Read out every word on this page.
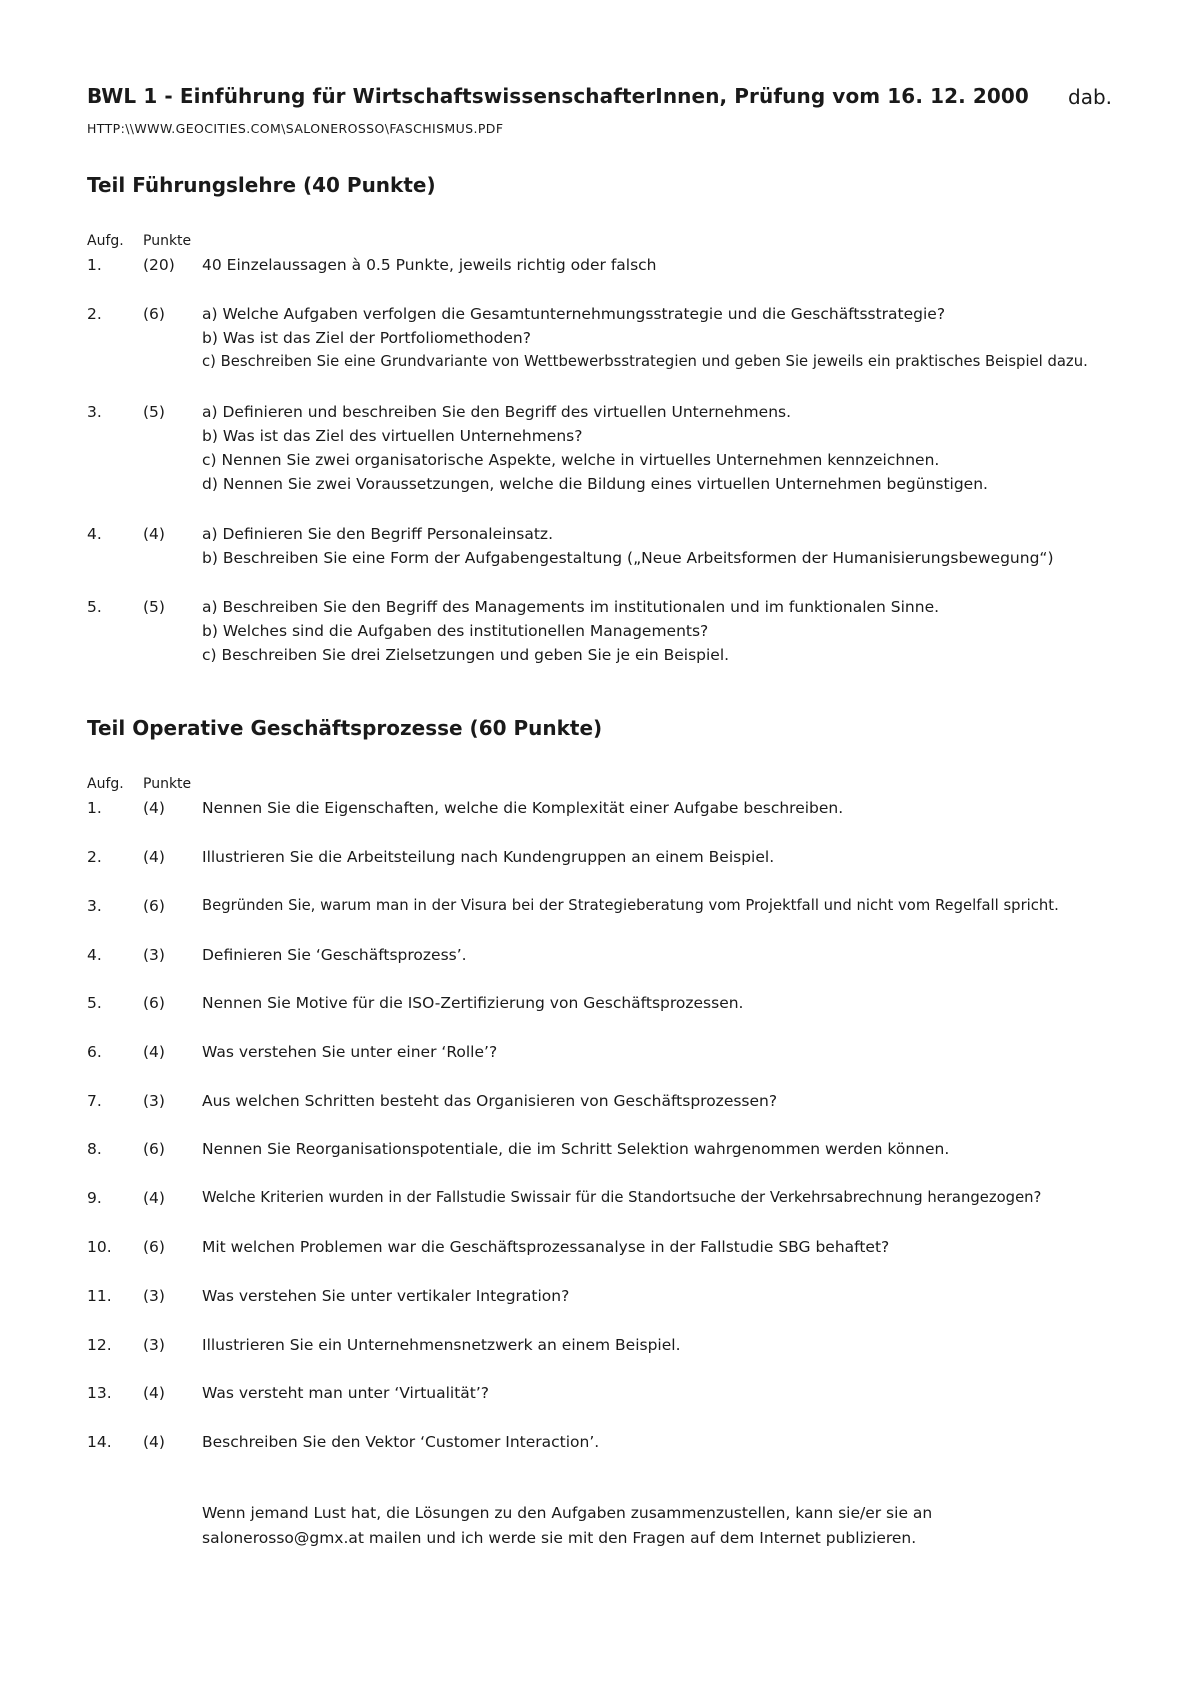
BWL 1 - Einführung für WirtschaftswissenschafterInnen, Prüfung vom 16. 12. 2000 dab.
HTTP:\\WWW.GEOCITIES.COM\SALONEROSSO\FASCHISMUS.PDF
Teil Führungslehre (40 Punkte)
Aufg. Punkte
1.	(20) 40 Einzelaussagen à 0.5 Punkte, jeweils richtig oder falsch
2.	(6) a) Welche Aufgaben verfolgen die Gesamtunternehmungsstrategie und die Geschäftsstrategie?
b) Was ist das Ziel der Portfoliomethoden?
c) Beschreiben Sie eine Grundvariante von Wettbewerbsstrategien und geben Sie jeweils ein praktisches Beispiel dazu.
3.	(5) a) Definieren und beschreiben Sie den Begriff des virtuellen Unternehmens.
b) Was ist das Ziel des virtuellen Unternehmens?
c) Nennen Sie zwei organisatorische Aspekte, welche in virtuelles Unternehmen kennzeichnen.
d) Nennen Sie zwei Voraussetzungen, welche die Bildung eines virtuellen Unternehmen begünstigen.
4.	(4) a) Definieren Sie den Begriff Personaleinsatz.
b) Beschreiben Sie eine Form der Aufgabengestaltung („Neue Arbeitsformen der Humanisierungsbewegung“)
5.	(5) a) Beschreiben Sie den Begriff des Managements im institutionalen und im funktionalen Sinne.
b) Welches sind die Aufgaben des institutionellen Managements?
c) Beschreiben Sie drei Zielsetzungen und geben Sie je ein Beispiel.
Teil Operative Geschäftsprozesse (60 Punkte)
Aufg. Punkte
1.	(4) Nennen Sie die Eigenschaften, welche die Komplexität einer Aufgabe beschreiben.
2.	(4) Illustrieren Sie die Arbeitsteilung nach Kundengruppen an einem Beispiel.
3.	(6)	Begründen Sie, warum man in der Visura bei der Strategieberatung vom Projektfall und nicht vom Regelfall spricht.
4.	(3) Definieren Sie ‘Geschäftsprozess’.
5.	(6) Nennen Sie Motive für die ISO-Zertifizierung von Geschäftsprozessen.
6.	(4) Was verstehen Sie unter einer ‘Rolle’?
7.	(3) Aus welchen Schritten besteht das Organisieren von Geschäftsprozessen?
8.	(6) Nennen Sie Reorganisationspotentiale, die im Schritt Selektion wahrgenommen werden können.
9.	(4)	Welche Kriterien wurden in der Fallstudie Swissair für die Standortsuche der Verkehrsabrechnung herangezogen?
10. (6) Mit welchen Problemen war die Geschäftsprozessanalyse in der Fallstudie SBG behaftet?
11. (3) Was verstehen Sie unter vertikaler Integration?
12. (3) Illustrieren Sie ein Unternehmensnetzwerk an einem Beispiel.
13. (4) Was versteht man unter ‘Virtualität’?
14. (4) Beschreiben Sie den Vektor ‘Customer Interaction’.
Wenn jemand Lust hat, die Lösungen zu den Aufgaben zusammenzustellen, kann sie/er sie an
salonerosso@gmx.at mailen und ich werde sie mit den Fragen auf dem Internet publizieren.
